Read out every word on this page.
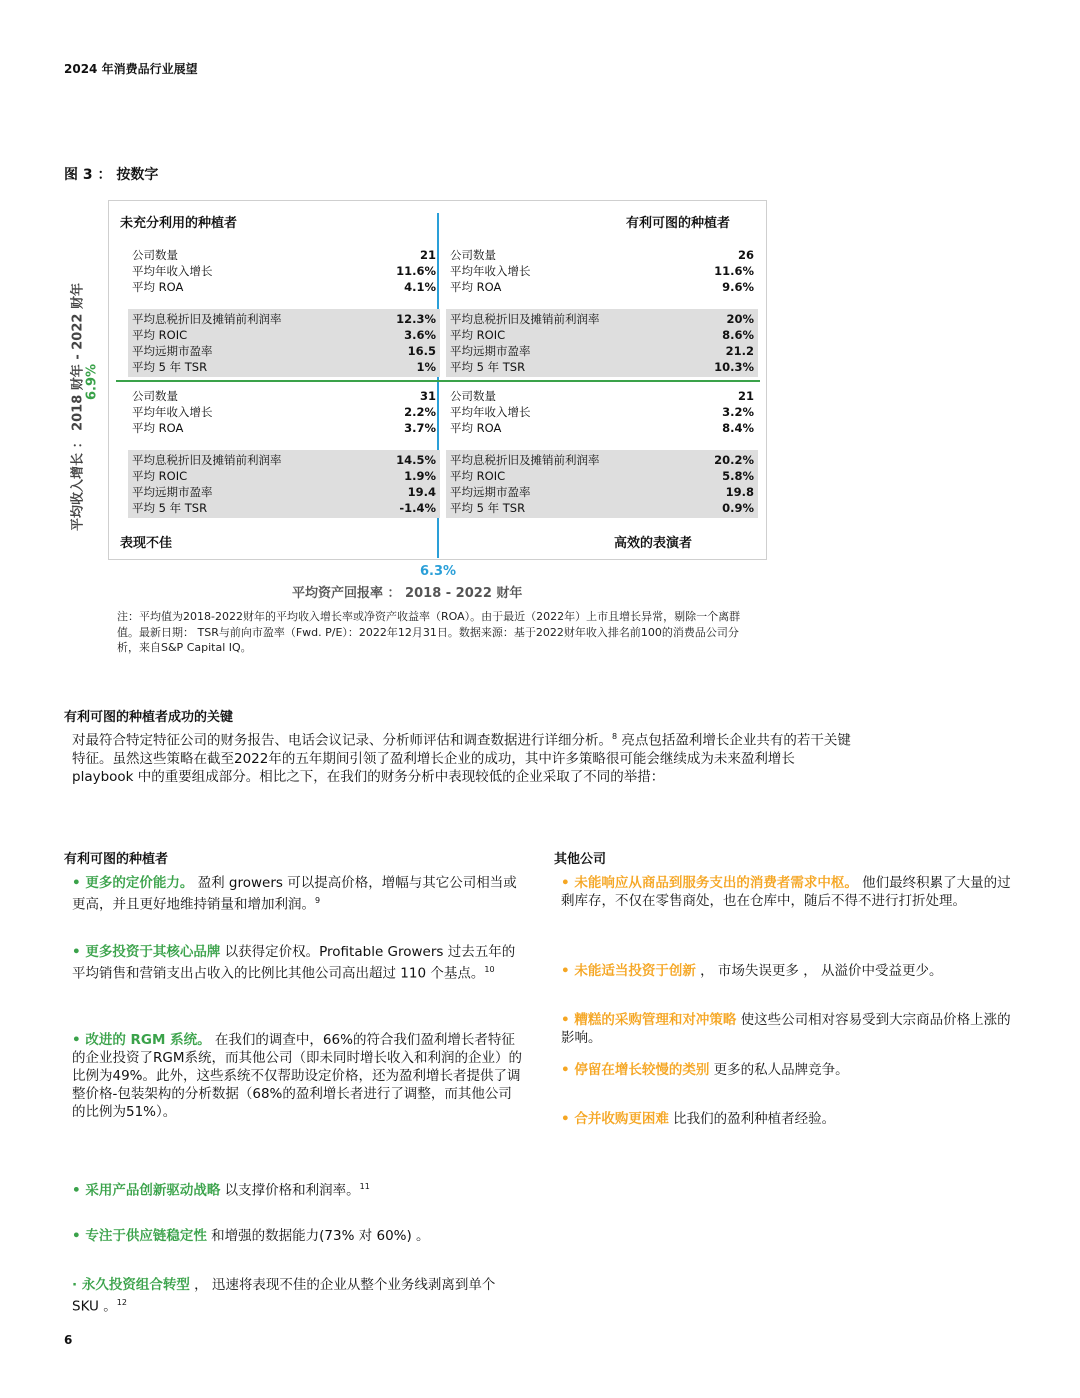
2024 年消费品行业展望
图 3 ： 按数字
未充分利用的种植者
公司数量	21
平均年收入增长	11.6%
平均 ROA	4.1%
平均息税折旧及摊销前利润率	12.3%
平均 ROIC	3.6%
平均远期市盈率	16.5
平均 5 年 TSR	1%
有利可图的种植者
公司数量	26
平均年收入增长	11.6%
平均 ROA	9.6%
平均息税折旧及摊销前利润率	20%
平均 ROIC	8.6%
平均远期市盈率	21.2
平均 5 年 TSR	10.3%
公司数量	31
平均年收入增长	2.2%
平均 ROA	3.7%
平均息税折旧及摊销前利润率	14.5%
平均 ROIC	1.9%
平均远期市盈率	19.4
平均 5 年 TSR	-1.4%
表现不佳
公司数量	21
平均年收入增长	3.2%
平均 ROA	8.4%
平均息税折旧及摊销前利润率	20.2%
平均 ROIC	5.8%
平均远期市盈率	19.8
平均 5 年 TSR	0.9%
高效的表演者
平均收入增长 ： 2018 财年 - 2022 财年 6.9%
6.3%
平均资产回报率 ： 2018 - 2022 财年
注：平均值为2018-2022财年的平均收入增长率或净资产收益率（ROA）。由于最近（2022年）上市且增长异常，剔除一个离群值。最新日期： TSR与前向市盈率（Fwd. P/E）：2022年12月31日。数据来源：基于2022财年收入排名前100的消费品公司分析，来自S&P Capital IQ。
有利可图的种植者成功的关键
对最符合特定特征公司的财务报告、电话会议记录、分析师评估和调查数据进行详细分析。$^8$ 亮点包括盈利增长企业共有的若干关键特征。虽然这些策略在截至2022年的五年期间引领了盈利增长企业的成功，其中许多策略很可能会继续成为未来盈利增长 playbook 中的重要组成部分。相比之下，在我们的财务分析中表现较低的企业采取了不同的举措：
有利可图的种植者
• 更多的定价能力。 盈利 growers 可以提高价格，增幅与其它公司相当或更高，并且更好地维持销量和增加利润。$^9$
• 更多投资于其核心品牌 以获得定价权。Profitable Growers 过去五年的平均销售和营销支出占收入的比例比其他公司高出超过 110 个基点。$^{10}$
• 改进的 RGM 系统。 在我们的调查中，66%的符合我们盈利增长者特征的企业投资了RGM系统，而其他公司（即未同时增长收入和利润的企业）的比例为49%。此外，这些系统不仅帮助设定价格，还为盈利增长者提供了调整价格-包装架构的分析数据（68%的盈利增长者进行了调整，而其他公司的比例为51%）。
• 采用产品创新驱动战略 以支撑价格和利润率。$^{11}$
• 专注于供应链稳定性 和增强的数据能力(73% 对 60%) 。
· 永久投资组合转型 ， 迅速将表现不佳的企业从整个业务线剥离到单个 SKU 。$^{12}$
其他公司
• 未能响应从商品到服务支出的消费者需求中枢。 他们最终积累了大量的过剩库存，不仅在零售商处，也在仓库中，随后不得不进行打折处理。
• 未能适当投资于创新 ， 市场失误更多 ， 从溢价中受益更少。
• 糟糕的采购管理和对冲策略 使这些公司相对容易受到大宗商品价格上涨的影响。
• 停留在增长较慢的类别 更多的私人品牌竞争。
• 合并收购更困难 比我们的盈利种植者经验。
6
